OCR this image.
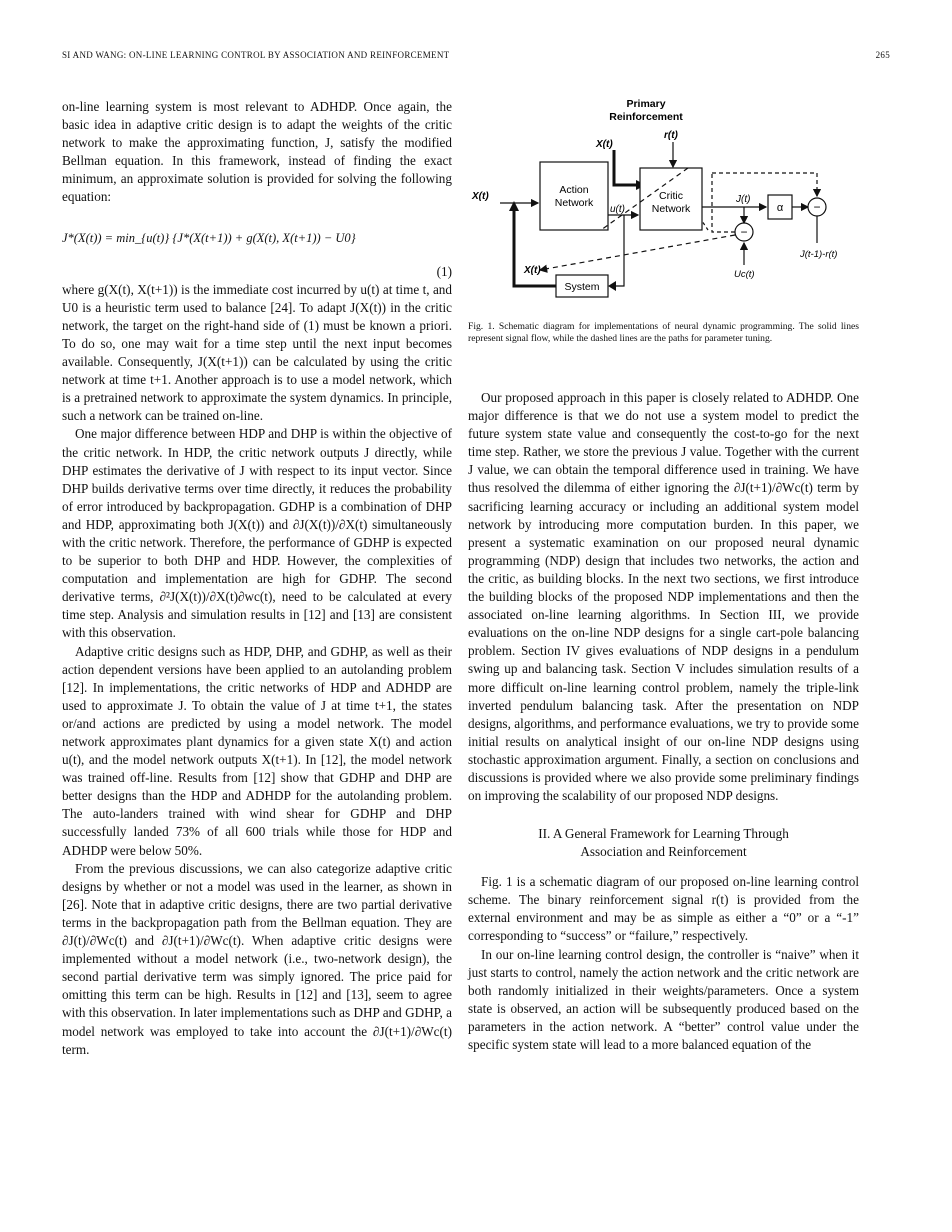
SI AND WANG: ON-LINE LEARNING CONTROL BY ASSOCIATION AND REINFORCEMENT	265

on-line learning system is most relevant to ADHDP. Once again, the basic idea in adaptive critic design is to adapt the weights of the critic network to make the approximating function, J, satisfy the modified Bellman equation. In this framework, instead of finding the exact minimum, an approximate solution is provided for solving the following equation:

J*(X(t)) = min_{u(t)} {J*(X(t+1)) + g(X(t), X(t+1)) − U0}
(1)

where g(X(t), X(t+1)) is the immediate cost incurred by u(t) at time t, and U0 is a heuristic term used to balance [24]. To adapt J(X(t)) in the critic network, the target on the right-hand side of (1) must be known a priori. To do so, one may wait for a time step until the next input becomes available. Consequently, J(X(t+1)) can be calculated by using the critic network at time t+1. Another approach is to use a model network, which is a pretrained network to approximate the system dynamics. In principle, such a network can be trained on-line.

One major difference between HDP and DHP is within the objective of the critic network. In HDP, the critic network outputs J directly, while DHP estimates the derivative of J with respect to its input vector. Since DHP builds derivative terms over time directly, it reduces the probability of error introduced by backpropagation. GDHP is a combination of DHP and HDP, approximating both J(X(t)) and ∂J(X(t))/∂X(t) simultaneously with the critic network. Therefore, the performance of GDHP is expected to be superior to both DHP and HDP. However, the complexities of computation and implementation are high for GDHP. The second derivative terms, ∂²J(X(t))/∂X(t)∂wc(t), need to be calculated at every time step. Analysis and simulation results in [12] and [13] are consistent with this observation.

Adaptive critic designs such as HDP, DHP, and GDHP, as well as their action dependent versions have been applied to an autolanding problem [12]. In implementations, the critic networks of HDP and ADHDP are used to approximate J. To obtain the value of J at time t+1, the states or/and actions are predicted by using a model network. The model network approximates plant dynamics for a given state X(t) and action u(t), and the model network outputs X(t+1). In [12], the model network was trained off-line. Results from [12] show that GDHP and DHP are better designs than the HDP and ADHDP for the autolanding problem. The auto-landers trained with wind shear for GDHP and DHP successfully landed 73% of all 600 trials while those for HDP and ADHDP were below 50%.

From the previous discussions, we can also categorize adaptive critic designs by whether or not a model was used in the learner, as shown in [26]. Note that in adaptive critic designs, there are two partial derivative terms in the backpropagation path from the Bellman equation. They are ∂J(t)/∂Wc(t) and ∂J(t+1)/∂Wc(t). When adaptive critic designs were implemented without a model network (i.e., two-network design), the second partial derivative term was simply ignored. The price paid for omitting this term can be high. Results in [12] and [13], seem to agree with this observation. In later implementations such as DHP and GDHP, a model network was employed to take into account the ∂J(t+1)/∂Wc(t) term.

Primary
Reinforcement
r(t)
X(t)
X(t)
Action
Network
Critic
Network
u(t)
J(t)
α	−
J(t-1)-r(t)
−
Uc(t)
System
X(t)
Fig. 1. Schematic diagram for implementations of neural dynamic programming. The solid lines represent signal flow, while the dashed lines are the paths for parameter tuning.

Our proposed approach in this paper is closely related to ADHDP. One major difference is that we do not use a system model to predict the future system state value and consequently the cost-to-go for the next time step. Rather, we store the previous J value. Together with the current J value, we can obtain the temporal difference used in training. We have thus resolved the dilemma of either ignoring the ∂J(t+1)/∂Wc(t) term by sacrificing learning accuracy or including an additional system model network by introducing more computation burden. In this paper, we present a systematic examination on our proposed neural dynamic programming (NDP) design that includes two networks, the action and the critic, as building blocks. In the next two sections, we first introduce the building blocks of the proposed NDP implementations and then the associated on-line learning algorithms. In Section III, we provide evaluations on the on-line NDP designs for a single cart-pole balancing problem. Section IV gives evaluations of NDP designs in a pendulum swing up and balancing task. Section V includes simulation results of a more difficult on-line learning control problem, namely the triple-link inverted pendulum balancing task. After the presentation on NDP designs, algorithms, and performance evaluations, we try to provide some initial results on analytical insight of our on-line NDP designs using stochastic approximation argument. Finally, a section on conclusions and discussions is provided where we also provide some preliminary findings on improving the scalability of our proposed NDP designs.

II. A General Framework for Learning Through
Association and Reinforcement

Fig. 1 is a schematic diagram of our proposed on-line learning control scheme. The binary reinforcement signal r(t) is provided from the external environment and may be as simple as either a “0” or a “-1” corresponding to “success” or “failure,” respectively.

In our on-line learning control design, the controller is “naive” when it just starts to control, namely the action network and the critic network are both randomly initialized in their weights/parameters. Once a system state is observed, an action will be subsequently produced based on the parameters in the action network. A “better” control value under the specific system state will lead to a more balanced equation of the
